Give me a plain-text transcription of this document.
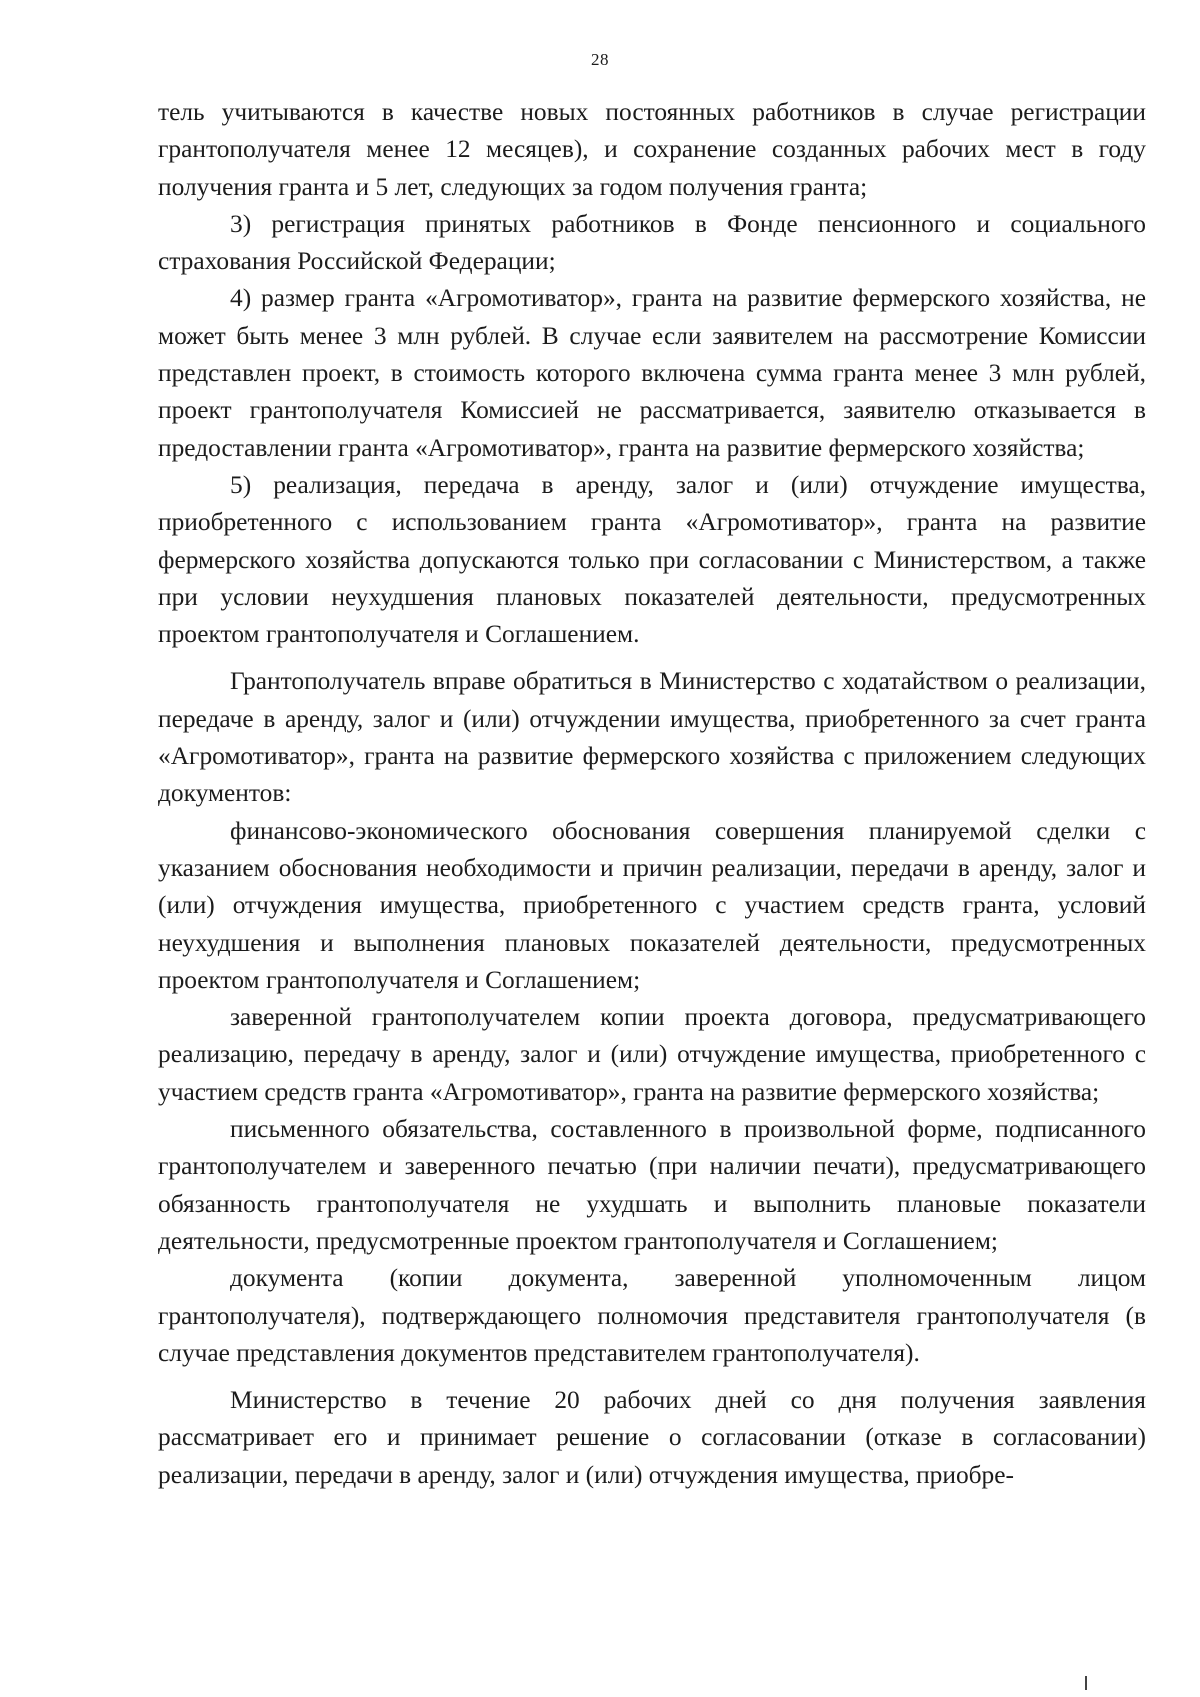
28

тель учитываются в качестве новых постоянных работников в случае регистрации грантополучателя менее 12 месяцев), и сохранение созданных рабочих мест в году получения гранта и 5 лет, следующих за годом получения гранта;

3) регистрация принятых работников в Фонде пенсионного и социального страхования Российской Федерации;

4) размер гранта «Агромотиватор», гранта на развитие фермерского хозяйства, не может быть менее 3 млн рублей. В случае если заявителем на рассмотрение Комиссии представлен проект, в стоимость которого включена сумма гранта менее 3 млн рублей, проект грантополучателя Комиссией не рассматривается, заявителю отказывается в предоставлении гранта «Агромотиватор», гранта на развитие фермерского хозяйства;

5) реализация, передача в аренду, залог и (или) отчуждение имущества, приобретенного с использованием гранта «Агромотиватор», гранта на развитие фермерского хозяйства допускаются только при согласовании с Министерством, а также при условии неухудшения плановых показателей деятельности, предусмотренных проектом грантополучателя и Соглашением.

Грантополучатель вправе обратиться в Министерство с ходатайством о реализации, передаче в аренду, залог и (или) отчуждении имущества, приобретенного за счет гранта «Агромотиватор», гранта на развитие фермерского хозяйства с приложением следующих документов:

финансово-экономического обоснования совершения планируемой сделки с указанием обоснования необходимости и причин реализации, передачи в аренду, залог и (или) отчуждения имущества, приобретенного с участием средств гранта, условий неухудшения и выполнения плановых показателей деятельности, предусмотренных проектом грантополучателя и Соглашением;

заверенной грантополучателем копии проекта договора, предусматривающего реализацию, передачу в аренду, залог и (или) отчуждение имущества, приобретенного с участием средств гранта «Агромотиватор», гранта на развитие фермерского хозяйства;

письменного обязательства, составленного в произвольной форме, подписанного грантополучателем и заверенного печатью (при наличии печати), предусматривающего обязанность грантополучателя не ухудшать и выполнить плановые показатели деятельности, предусмотренные проектом грантополучателя и Соглашением;

документа (копии документа, заверенной уполномоченным лицом грантополучателя), подтверждающего полномочия представителя грантополучателя (в случае представления документов представителем грантополучателя).

Министерство в течение 20 рабочих дней со дня получения заявления рассматривает его и принимает решение о согласовании (отказе в согласовании) реализации, передачи в аренду, залог и (или) отчуждения имущества, приобре-
